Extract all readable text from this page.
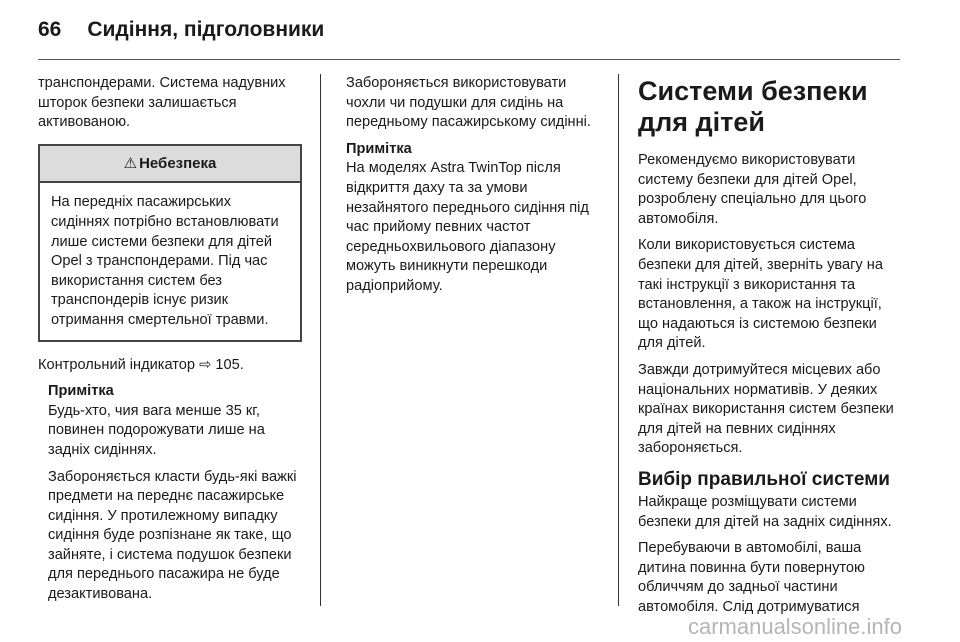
66 Сидіння, підголовники

транспондерами. Система надувних шторок безпеки залишається активованою.

⚠ Небезпека
На передніх пасажирських сидіннях потрібно встановлювати лише системи безпеки для дітей Opel з транспондерами. Під час використання систем без транспондерів існує ризик отримання смертельної травми.

Контрольний індикатор ⇨ 105.

Примітка

Будь-хто, чия вага менше 35 кг, повинен подорожувати лише на задніх сидіннях.

Забороняється класти будь-які важкі предмети на переднє пасажирське сидіння. У протилежному випадку сидіння буде розпізнане як таке, що зайняте, і система подушок безпеки для переднього пасажира не буде дезактивована.

Забороняється використовувати чохли чи подушки для сидінь на передньому пасажирському сидінні.

Примітка

На моделях Astra TwinTop після відкриття даху та за умови незайнятого переднього сидіння під час прийому певних частот середньохвильового діапазону можуть виникнути перешкоди радіоприйому.

Системи безпеки для дітей

Рекомендуємо використовувати систему безпеки для дітей Opel, розроблену спеціально для цього автомобіля.

Коли використовується система безпеки для дітей, зверніть увагу на такі інструкції з використання та встановлення, а також на інструкції, що надаються із системою безпеки для дітей.

Завжди дотримуйтеся місцевих або національних нормативів. У деяких країнах використання систем безпеки для дітей на певних сидіннях забороняється.

Вибір правильної системи

Найкраще розміщувати системи безпеки для дітей на задніх сидіннях.

Перебуваючи в автомобілі, ваша дитина повинна бути повернутою обличчям до задньої частини автомобіля. Слід дотримуватися

carmanualsonline.info
